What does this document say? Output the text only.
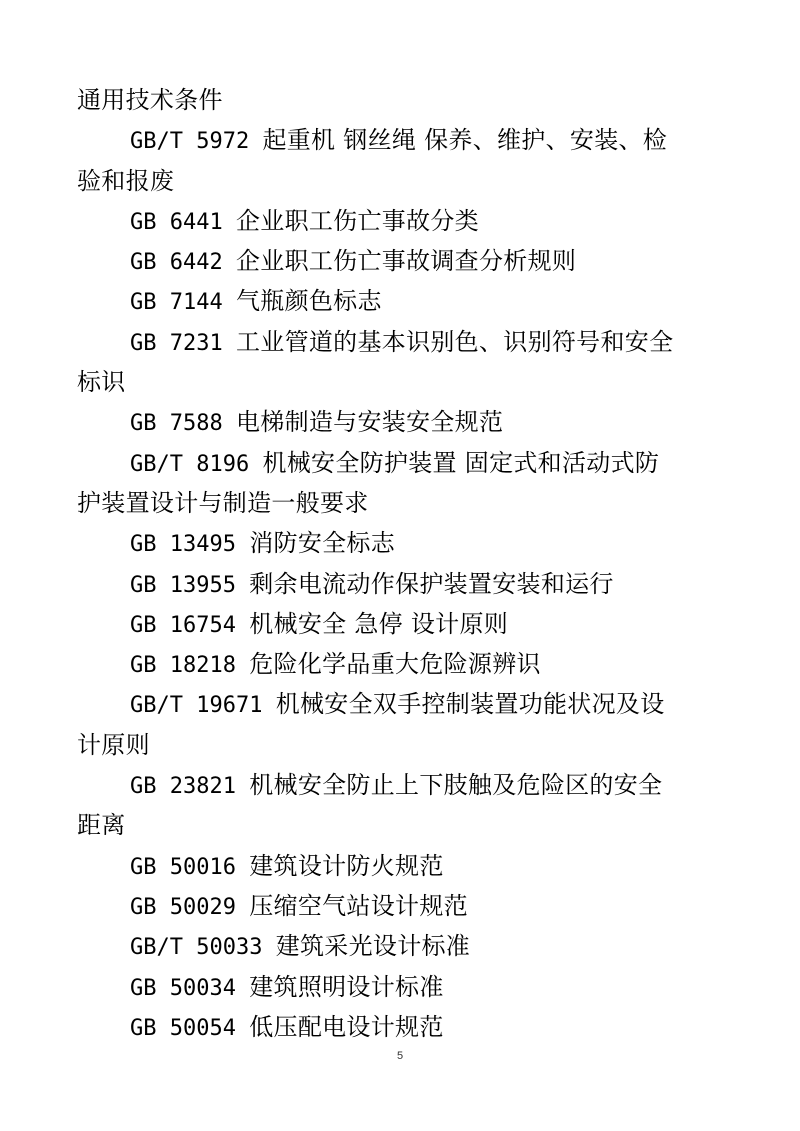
通用技术条件
GB/T 5972 起重机 钢丝绳 保养、维护、安装、检
验和报废
GB 6441 企业职工伤亡事故分类
GB 6442 企业职工伤亡事故调查分析规则
GB 7144 气瓶颜色标志
GB 7231 工业管道的基本识别色、识别符号和安全
标识
GB 7588 电梯制造与安装安全规范
GB/T 8196 机械安全防护装置 固定式和活动式防
护装置设计与制造一般要求
GB 13495 消防安全标志
GB 13955 剩余电流动作保护装置安装和运行
GB 16754 机械安全 急停 设计原则
GB 18218 危险化学品重大危险源辨识
GB/T 19671 机械安全双手控制装置功能状况及设
计原则
GB 23821 机械安全防止上下肢触及危险区的安全
距离
GB 50016 建筑设计防火规范
GB 50029 压缩空气站设计规范
GB/T 50033 建筑采光设计标准
GB 50034 建筑照明设计标准
GB 50054 低压配电设计规范
5
